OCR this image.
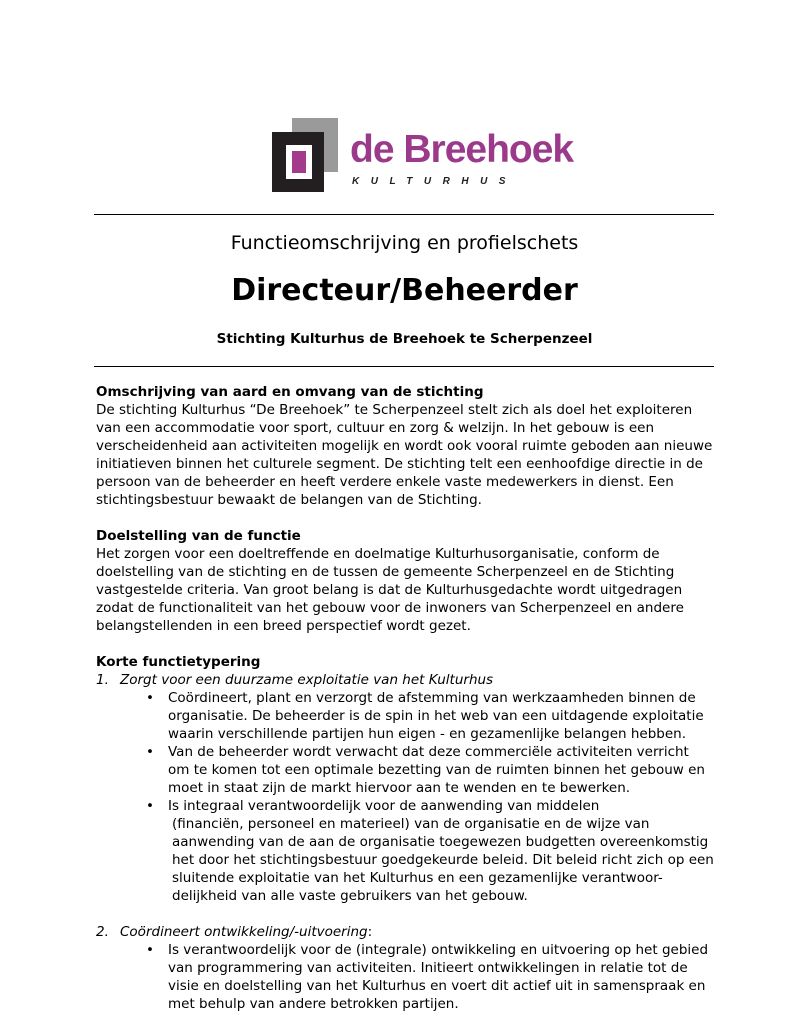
de Breehoek
KULTURHUS
Functieomschrijving en profielschets
Directeur/Beheerder
Stichting Kulturhus de Breehoek te Scherpenzeel

Omschrijving van aard en omvang van de stichting

De stichting Kulturhus “De Breehoek” te Scherpenzeel stelt zich als doel het exploiteren

van een accommodatie voor sport, cultuur en zorg & welzijn. In het gebouw is een

verscheidenheid aan activiteiten mogelijk en wordt ook vooral ruimte geboden aan nieuwe

initiatieven binnen het culturele segment. De stichting telt een eenhoofdige directie in de

persoon van de beheerder en heeft verdere enkele vaste medewerkers in dienst. Een

stichtingsbestuur bewaakt de belangen van de Stichting.

Doelstelling van de functie

Het zorgen voor een doeltreffende en doelmatige Kulturhusorganisatie, conform de

doelstelling van de stichting en de tussen de gemeente Scherpenzeel en de Stichting

vastgestelde criteria. Van groot belang is dat de Kulturhusgedachte wordt uitgedragen

zodat de functionaliteit van het gebouw voor de inwoners van Scherpenzeel en andere

belangstellenden in een breed perspectief wordt gezet.

Korte functietypering

1. Zorgt voor een duurzame exploitatie van het Kulturhus

• Coördineert, plant en verzorgt de afstemming van werkzaamheden binnen de

organisatie. De beheerder is de spin in het web van een uitdagende exploitatie

waarin verschillende partijen hun eigen - en gezamenlijke belangen hebben.

• Van de beheerder wordt verwacht dat deze commerciële activiteiten verricht

om te komen tot een optimale bezetting van de ruimten binnen het gebouw en

moet in staat zijn de markt hiervoor aan te wenden en te bewerken.

• Is integraal verantwoordelijk voor de aanwending van middelen

(financiën, personeel en materieel) van de organisatie en de wijze van

aanwending van de aan de organisatie toegewezen budgetten overeenkomstig

het door het stichtingsbestuur goedgekeurde beleid. Dit beleid richt zich op een

sluitende exploitatie van het Kulturhus en een gezamenlijke verantwoor-

delijkheid van alle vaste gebruikers van het gebouw.

2. Coördineert ontwikkeling/-uitvoering:

• Is verantwoordelijk voor de (integrale) ontwikkeling en uitvoering op het gebied

van programmering van activiteiten. Initieert ontwikkelingen in relatie tot de

visie en doelstelling van het Kulturhus en voert dit actief uit in samenspraak en

met behulp van andere betrokken partijen.
